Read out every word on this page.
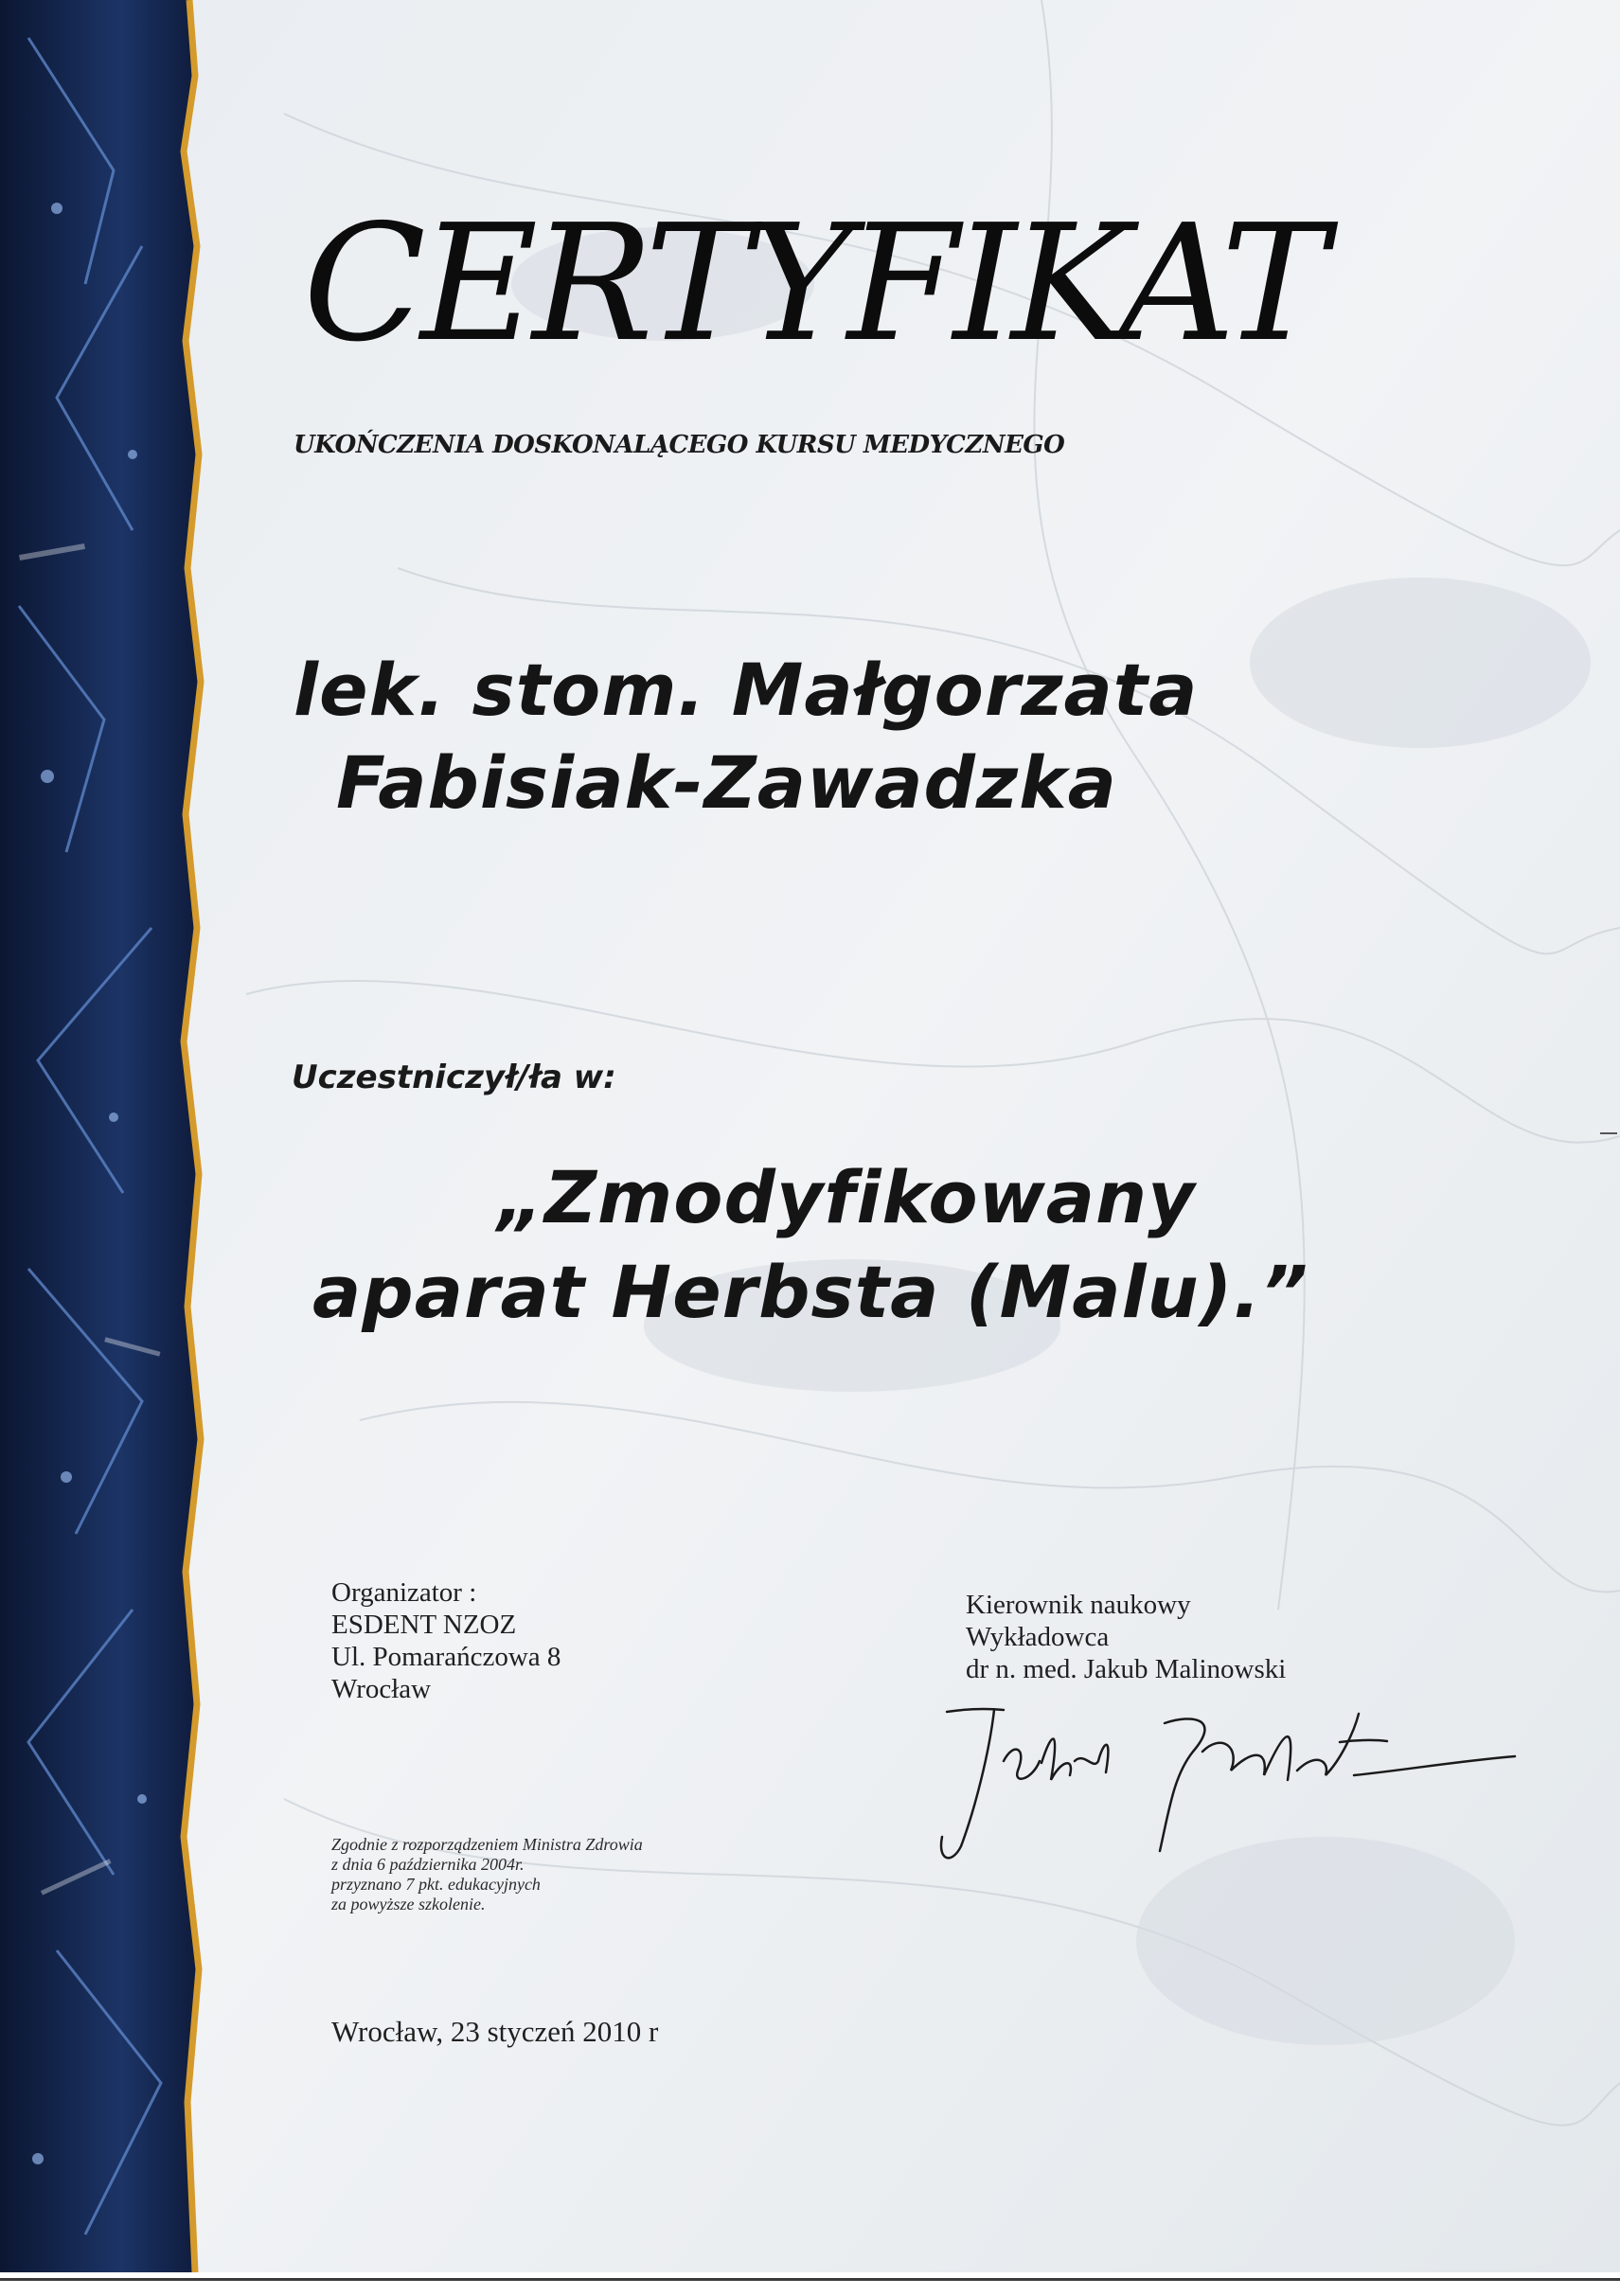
CERTYFIKAT
UKOŃCZENIA DOSKONALĄCEGO KURSU MEDYCZNEGO
lek. stom. Małgorzata
Fabisiak-Zawadzka
Uczestniczył/ła w:
„Zmodyfikowany
aparat Herbsta (Malu).”
Organizator :
ESDENT NZOZ
Ul. Pomarańczowa 8
Wrocław
Kierownik naukowy
Wykładowca
dr n. med. Jakub Malinowski
Zgodnie z rozporządzeniem Ministra Zdrowia
z dnia 6 października 2004r.
przyznano 7 pkt. edukacyjnych
za powyższe szkolenie.
Wrocław, 23 styczeń 2010 r
